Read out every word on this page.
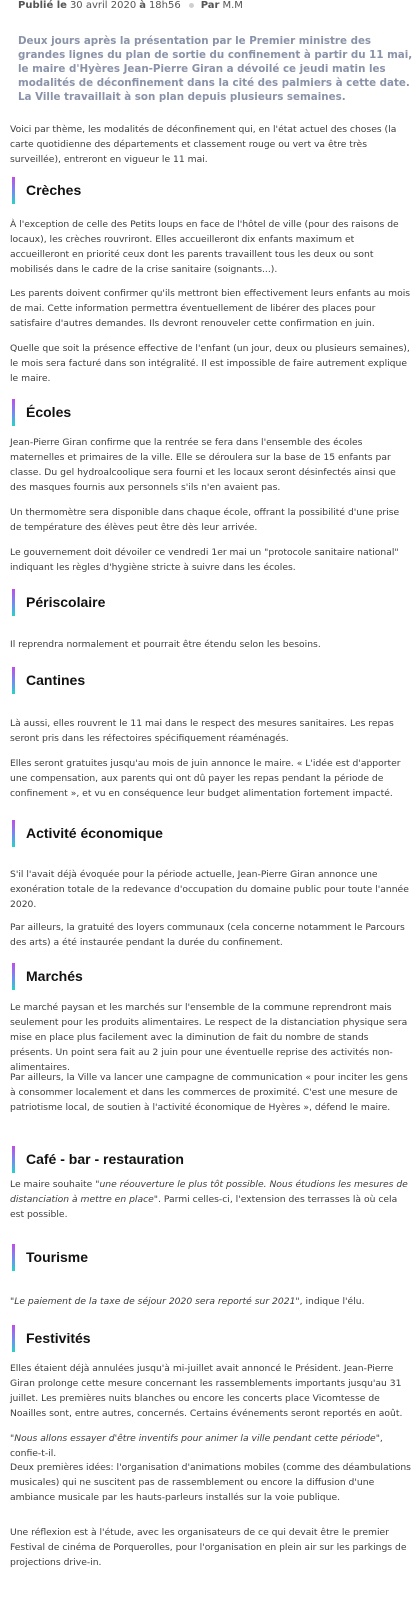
Publié le 30 avril 2020 à 18h56 Par M.M

Deux jours après la présentation par le Premier ministre des grandes lignes du plan de sortie du confinement à partir du 11 mai, le maire d'Hyères Jean-Pierre Giran a dévoilé ce jeudi matin les modalités de déconfinement dans la cité des palmiers à cette date. La Ville travaillait à son plan depuis plusieurs semaines.

Voici par thème, les modalités de déconfinement qui, en l'état actuel des choses (la carte quotidienne des départements et classement rouge ou vert va être très surveillée), entreront en vigueur le 11 mai.

Crèches

À l'exception de celle des Petits loups en face de l'hôtel de ville (pour des raisons de locaux), les crèches rouvriront. Elles accueilleront dix enfants maximum et accueilleront en priorité ceux dont les parents travaillent tous les deux ou sont mobilisés dans le cadre de la crise sanitaire (soignants...).

Les parents doivent confirmer qu'ils mettront bien effectivement leurs enfants au mois de mai. Cette information permettra éventuellement de libérer des places pour satisfaire d'autres demandes. Ils devront renouveler cette confirmation en juin.

Quelle que soit la présence effective de l'enfant (un jour, deux ou plusieurs semaines), le mois sera facturé dans son intégralité. Il est impossible de faire autrement explique le maire.

Écoles

Jean-Pierre Giran confirme que la rentrée se fera dans l'ensemble des écoles maternelles et primaires de la ville. Elle se déroulera sur la base de 15 enfants par classe. Du gel hydroalcoolique sera fourni et les locaux seront désinfectés ainsi que des masques fournis aux personnels s'ils n'en avaient pas.

Un thermomètre sera disponible dans chaque école, offrant la possibilité d'une prise de température des élèves peut être dès leur arrivée.

Le gouvernement doit dévoiler ce vendredi 1er mai un "protocole sanitaire national" indiquant les règles d'hygiène stricte à suivre dans les écoles.

Périscolaire

Il reprendra normalement et pourrait être étendu selon les besoins.

Cantines

Là aussi, elles rouvrent le 11 mai dans le respect des mesures sanitaires. Les repas seront pris dans les réfectoires spécifiquement réaménagés.

Elles seront gratuites jusqu'au mois de juin annonce le maire. « L'idée est d'apporter une compensation, aux parents qui ont dû payer les repas pendant la période de confinement », et vu en conséquence leur budget alimentation fortement impacté.

Activité économique

S'il l'avait déjà évoquée pour la période actuelle, Jean-Pierre Giran annonce une exonération totale de la redevance d'occupation du domaine public pour toute l'année 2020.

Par ailleurs, la gratuité des loyers communaux (cela concerne notamment le Parcours des arts) a été instaurée pendant la durée du confinement.

Marchés

Le marché paysan et les marchés sur l'ensemble de la commune reprendront mais seulement pour les produits alimentaires. Le respect de la distanciation physique sera mise en place plus facilement avec la diminution de fait du nombre de stands présents. Un point sera fait au 2 juin pour une éventuelle reprise des activités non-alimentaires.

Par ailleurs, la Ville va lancer une campagne de communication « pour inciter les gens à consommer localement et dans les commerces de proximité. C'est une mesure de patriotisme local, de soutien à l'activité économique de Hyères », défend le maire.

Café - bar - restauration

Le maire souhaite "une réouverture le plus tôt possible. Nous étudions les mesures de distanciation à mettre en place". Parmi celles-ci, l'extension des terrasses là où cela est possible.

Tourisme

"Le paiement de la taxe de séjour 2020 sera reporté sur 2021", indique l'élu.

Festivités

Elles étaient déjà annulées jusqu'à mi-juillet avait annoncé le Président. Jean-Pierre Giran prolonge cette mesure concernant les rassemblements importants jusqu'au 31 juillet. Les premières nuits blanches ou encore les concerts place Vicomtesse de Noailles sont, entre autres, concernés. Certains événements seront reportés en août.

"Nous allons essayer d'être inventifs pour animer la ville pendant cette période", confie-t-il.

Deux premières idées: l'organisation d'animations mobiles (comme des déambulations musicales) qui ne suscitent pas de rassemblement ou encore la diffusion d'une ambiance musicale par les hauts-parleurs installés sur la voie publique.

Une réflexion est à l'étude, avec les organisateurs de ce qui devait être le premier Festival de cinéma de Porquerolles, pour l'organisation en plein air sur les parkings de projections drive-in.
